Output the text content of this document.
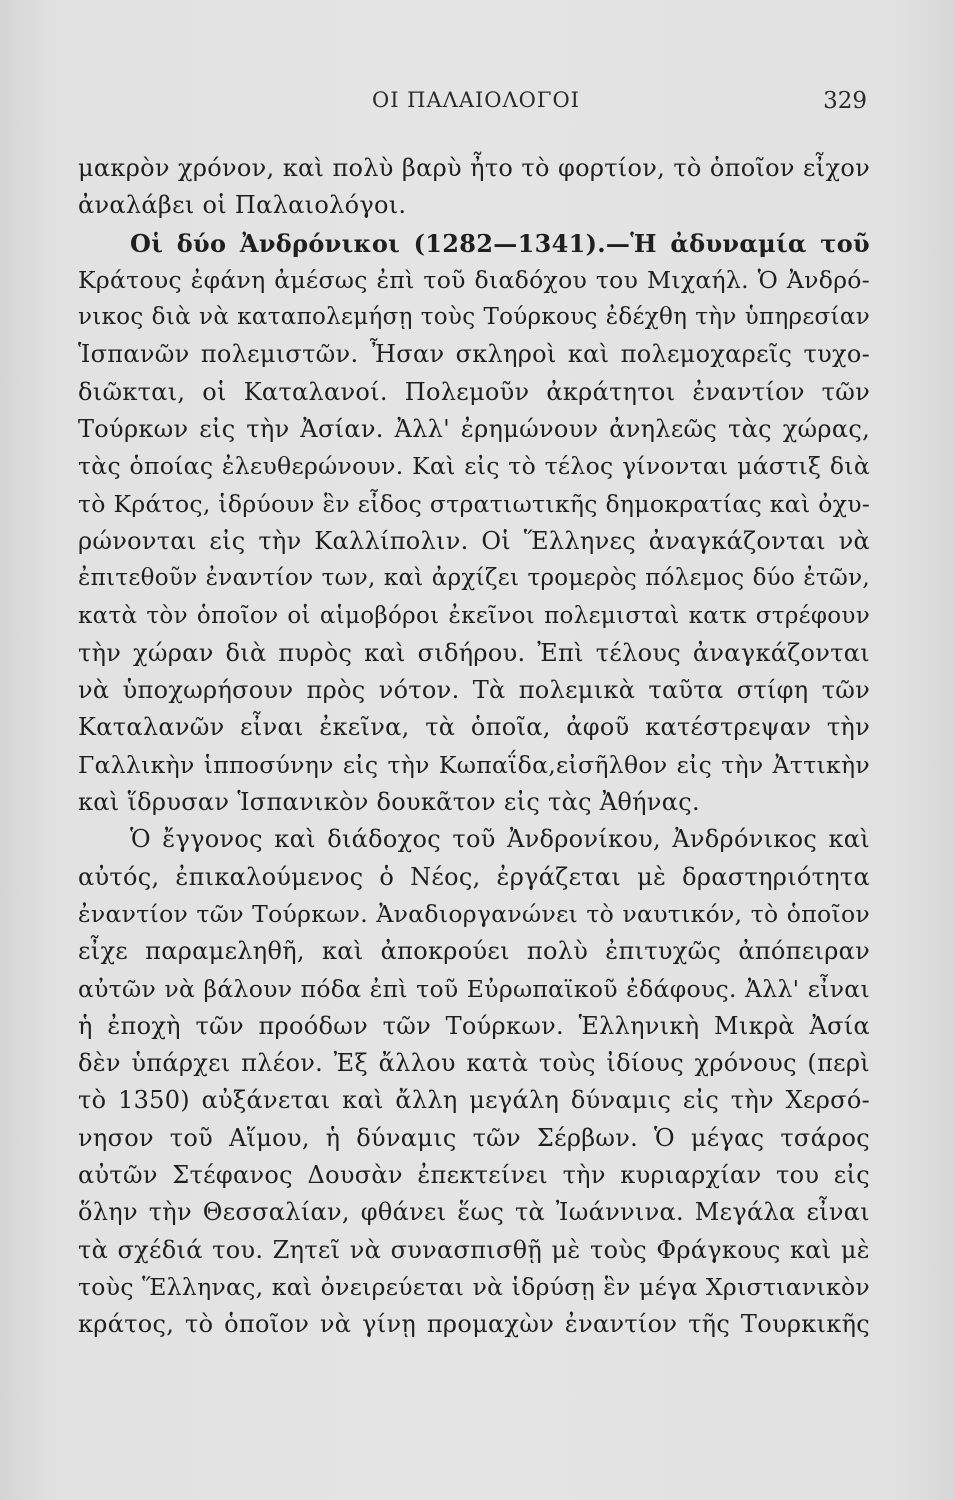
ΟΙ ΠΑΛΑΙΟΛΟΓΟΙ	329
μακρὸν χρόνον, καὶ πολὺ βαρὺ ἦτο τὸ φορτίον, τὸ ὁποῖον εἶχον
ἀναλάβει οἱ Παλαιολόγοι.
Οἱ δύο Ἀνδρόνικοι (1282—1341).—Ἡ ἀδυναμία τοῦ
Κράτους ἐφάνη ἀμέσως ἐπὶ τοῦ διαδόχου του Μιχαήλ. Ὁ Ἀνδρό-
νικος διὰ νὰ καταπολεμήσῃ τοὺς Τούρκους ἐδέχθη τὴν ὑπηρεσίαν
Ἱσπανῶν πολεμιστῶν. Ἦσαν σκληροὶ καὶ πολεμοχαρεῖς τυχο-
διῶκται, οἱ Καταλανοί. Πολεμοῦν ἀκράτητοι ἐναντίον τῶν
Τούρκων εἰς τὴν Ἀσίαν. Ἀλλ' ἐρημώνουν ἀνηλεῶς τὰς χώρας,
τὰς ὁποίας ἐλευθερώνουν. Καὶ εἰς τὸ τέλος γίνονται μάστιξ διὰ
τὸ Κράτος, ἱδρύουν ἓν εἶδος στρατιωτικῆς δημοκρατίας καὶ ὀχυ-
ρώνονται εἰς τὴν Καλλίπολιν. Οἱ Ἕλληνες ἀναγκάζονται νὰ
ἐπιτεθοῦν ἐναντίον των, καὶ ἀρχίζει τρομερὸς πόλεμος δύο ἐτῶν,
κατὰ τὸν ὁποῖον οἱ αἱμοβόροι ἐκεῖνοι πολεμισταὶ κατκ στρέφουν
τὴν χώραν διὰ πυρὸς καὶ σιδήρου. Ἐπὶ τέλους ἀναγκάζονται
νὰ ὑποχωρήσουν πρὸς νότον. Τὰ πολεμικὰ ταῦτα στίφη τῶν
Καταλανῶν εἶναι ἐκεῖνα, τὰ ὁποῖα, ἀφοῦ κατέστρεψαν τὴν
Γαλλικὴν ἱπποσύνην εἰς τὴν Κωπαΐδα,εἰσῆλθον εἰς τὴν Ἀττικὴν
καὶ ἵδρυσαν Ἱσπανικὸν δουκᾶτον εἰς τὰς Ἀθήνας.
Ὁ ἔγγονος καὶ διάδοχος τοῦ Ἀνδρονίκου, Ἀνδρόνικος καὶ
αὐτός, ἐπικαλούμενος ὁ Νέος, ἐργάζεται μὲ δραστηριότητα
ἐναντίον τῶν Τούρκων. Ἀναδιοργανώνει τὸ ναυτικόν, τὸ ὁποῖον
εἶχε παραμεληθῆ, καὶ ἀποκρούει πολὺ ἐπιτυχῶς ἀπόπειραν
αὐτῶν νὰ βάλουν πόδα ἐπὶ τοῦ Εὐρωπαϊκοῦ ἐδάφους. Ἀλλ' εἶναι
ἡ ἐποχὴ τῶν προόδων τῶν Τούρκων. Ἑλληνικὴ Μικρὰ Ἀσία
δὲν ὑπάρχει πλέον. Ἐξ ἄλλου κατὰ τοὺς ἰδίους χρόνους (περὶ
τὸ 1350) αὐξάνεται καὶ ἄλλη μεγάλη δύναμις εἰς τὴν Χερσό-
νησον τοῦ Αἵμου, ἡ δύναμις τῶν Σέρβων. Ὁ μέγας τσάρος
αὐτῶν Στέφανος Δουσὰν ἐπεκτείνει τὴν κυριαρχίαν του εἰς
ὅλην τὴν Θεσσαλίαν, φθάνει ἕως τὰ Ἰωάννινα. Μεγάλα εἶναι
τὰ σχέδιά του. Ζητεῖ νὰ συνασπισθῇ μὲ τοὺς Φράγκους καὶ μὲ
τοὺς Ἕλληνας, καὶ ὀνειρεύεται νὰ ἱδρύσῃ ἓν μέγα Χριστιανικὸν
κράτος, τὸ ὁποῖον νὰ γίνῃ προμαχὼν ἐναντίον τῆς Τουρκικῆς
